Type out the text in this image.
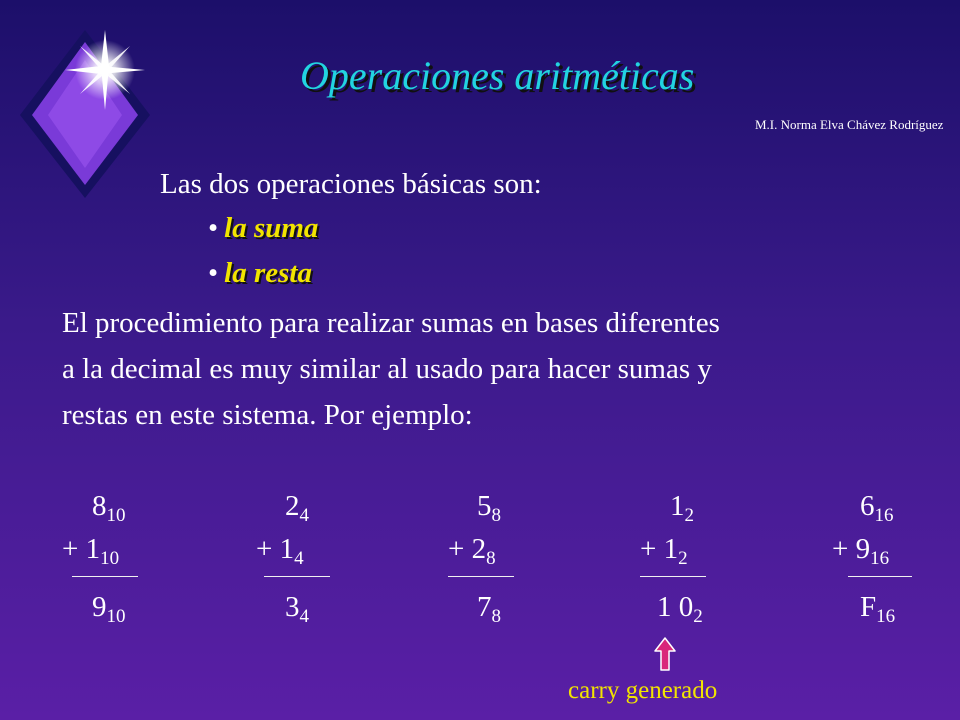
Operaciones aritméticas
M.I. Norma Elva Chávez Rodríguez
Las dos operaciones básicas son:
• la suma
• la resta
El procedimiento para realizar sumas en bases diferentes
a la decimal es muy similar al usado para hacer sumas y
restas en este sistema. Por ejemplo:
$8_{10}$
+ $1_{10}$
$9_{10}$
$2_4$
+ $1_4$
$3_4$
$5_8$
+ $2_8$
$7_8$
$1_2$
+ $1_2$
1 $0_2$
$6_{16}$
+ $9_{16}$
$F_{16}$
carry generado
